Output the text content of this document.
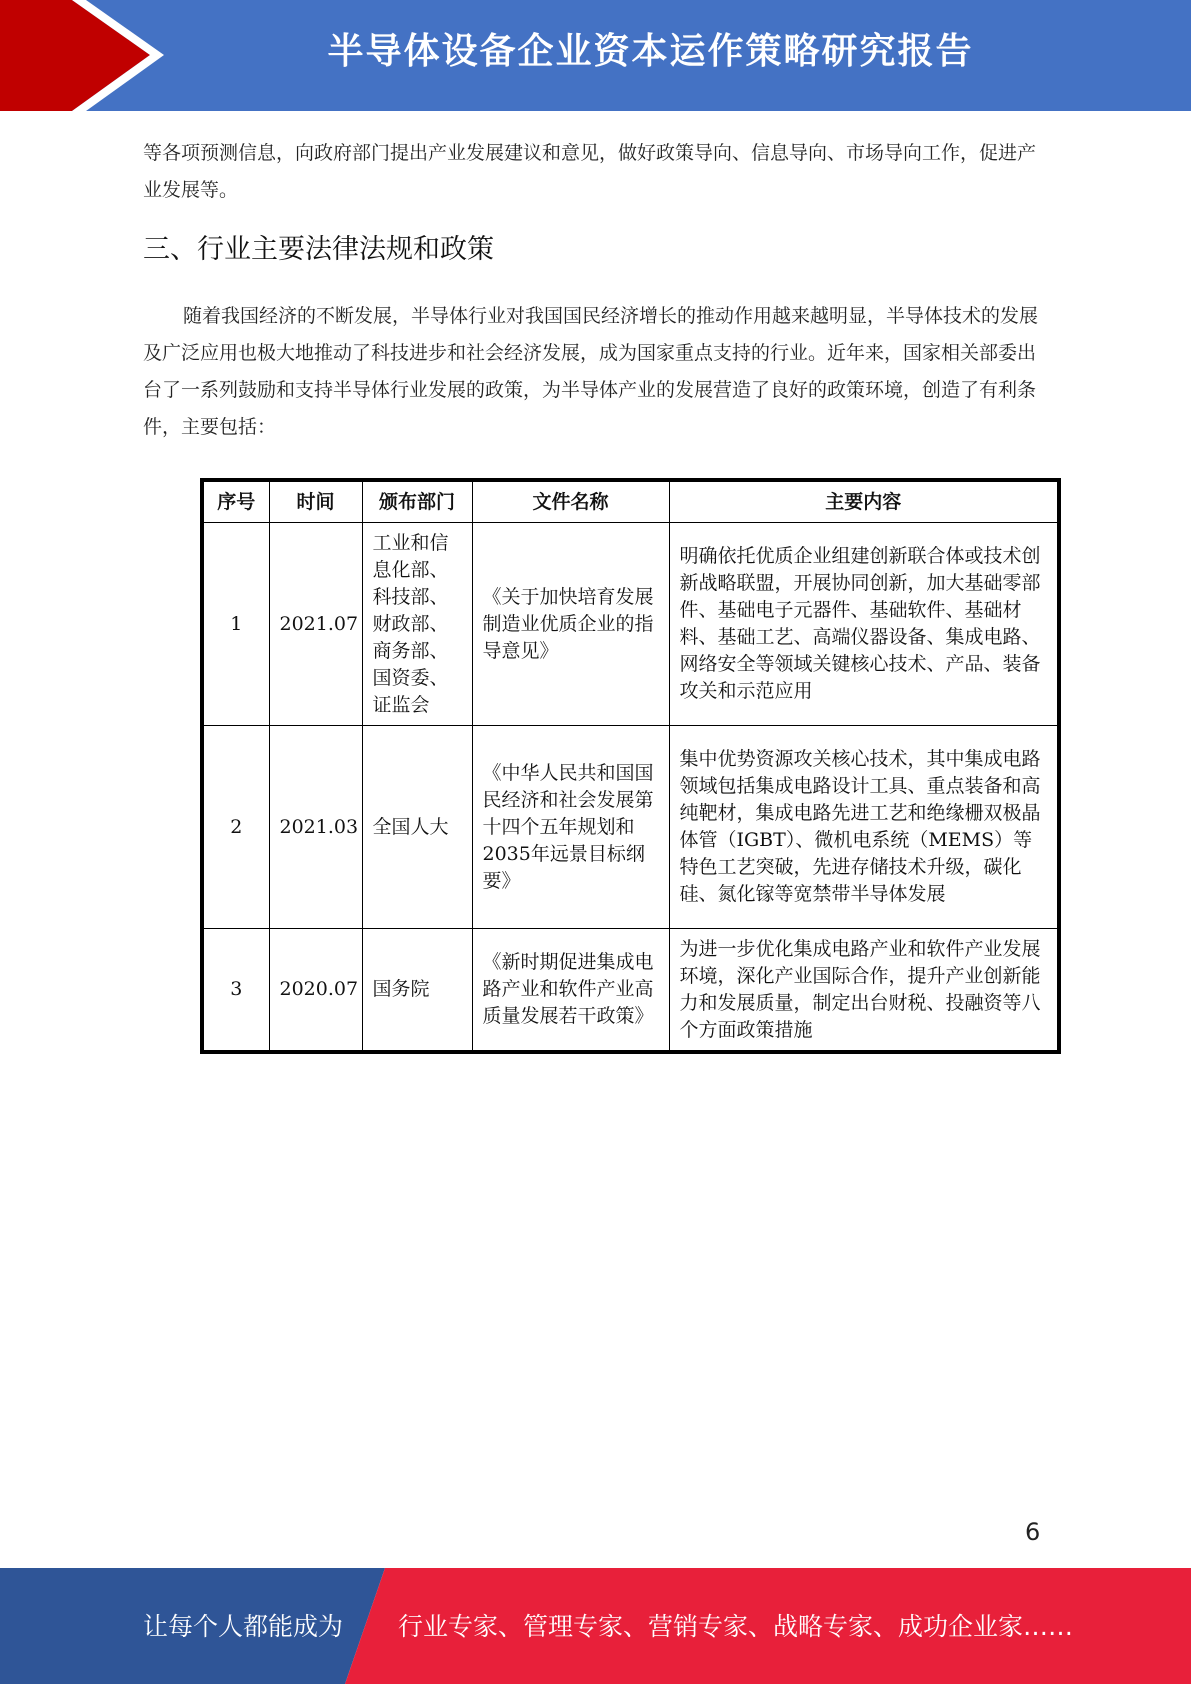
半导体设备企业资本运作策略研究报告

等各项预测信息，向政府部门提出产业发展建议和意见，做好政策导向、信息导向、市场导向工作，促进产业发展等。

三、行业主要法律法规和政策

随着我国经济的不断发展，半导体行业对我国国民经济增长的推动作用越来越明显，半导体技术的发展及广泛应用也极大地推动了科技进步和社会经济发展，成为国家重点支持的行业。近年来，国家相关部委出台了一系列鼓励和支持半导体行业发展的政策，为半导体产业的发展营造了良好的政策环境，创造了有利条件，主要包括：

序号	时间	颁布部门	文件名称	主要内容
1	2021.07	工业和信息化部、科技部、财政部、商务部、国资委、证监会	《关于加快培育发展制造业优质企业的指导意见》	明确依托优质企业组建创新联合体或技术创新战略联盟，开展协同创新，加大基础零部件、基础电子元器件、基础软件、基础材料、基础工艺、高端仪器设备、集成电路、网络安全等领域关键核心技术、产品、装备攻关和示范应用
2	2021.03	全国人大	《中华人民共和国国民经济和社会发展第十四个五年规划和2035年远景目标纲要》	集中优势资源攻关核心技术，其中集成电路领域包括集成电路设计工具、重点装备和高纯靶材，集成电路先进工艺和绝缘栅双极晶体管（IGBT）、微机电系统（MEMS）等特色工艺突破，先进存储技术升级，碳化硅、氮化镓等宽禁带半导体发展
3	2020.07	国务院	《新时期促进集成电路产业和软件产业高质量发展若干政策》	为进一步优化集成电路产业和软件产业发展环境，深化产业国际合作，提升产业创新能力和发展质量，制定出台财税、投融资等八个方面政策措施
6
让每个人都能成为 行业专家、管理专家、营销专家、战略专家、成功企业家……
